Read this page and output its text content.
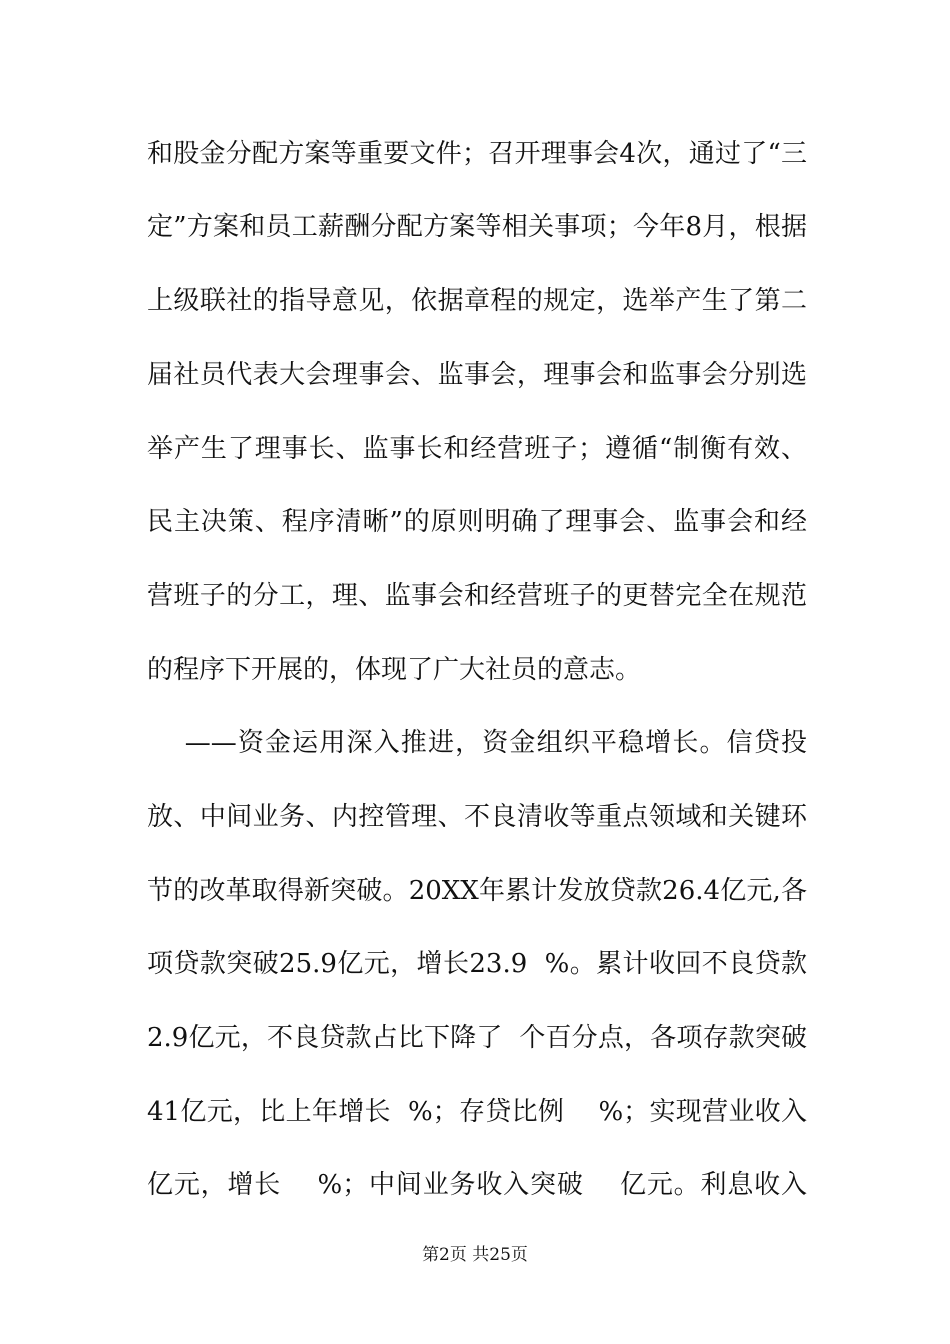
和股金分配方案等重要文件；召开理事会4次，通过了“三
定”方案和员工薪酬分配方案等相关事项；今年8月，根据
上级联社的指导意见，依据章程的规定，选举产生了第二
届社员代表大会理事会、监事会，理事会和监事会分别选
举产生了理事长、监事长和经营班子；遵循“制衡有效、
民主决策、程序清晰”的原则明确了理事会、监事会和经
营班子的分工，理、监事会和经营班子的更替完全在规范
的程序下开展的，体现了广大社员的意志。
——资金运用深入推进，资金组织平稳增长。信贷投
放、中间业务、内控管理、不良清收等重点领域和关键环
节的改革取得新突破。20XX年累计发放贷款26.4亿元,各
项贷款突破25.9亿元，增长23.9  %。累计收回不良贷款
2.9亿元，不良贷款占比下降了  个百分点，各项存款突破
41亿元，比上年增长  %；存贷比例    %；实现营业收入
亿元，增长    %；中间业务收入突破    亿元。利息收入
第2页 共25页
